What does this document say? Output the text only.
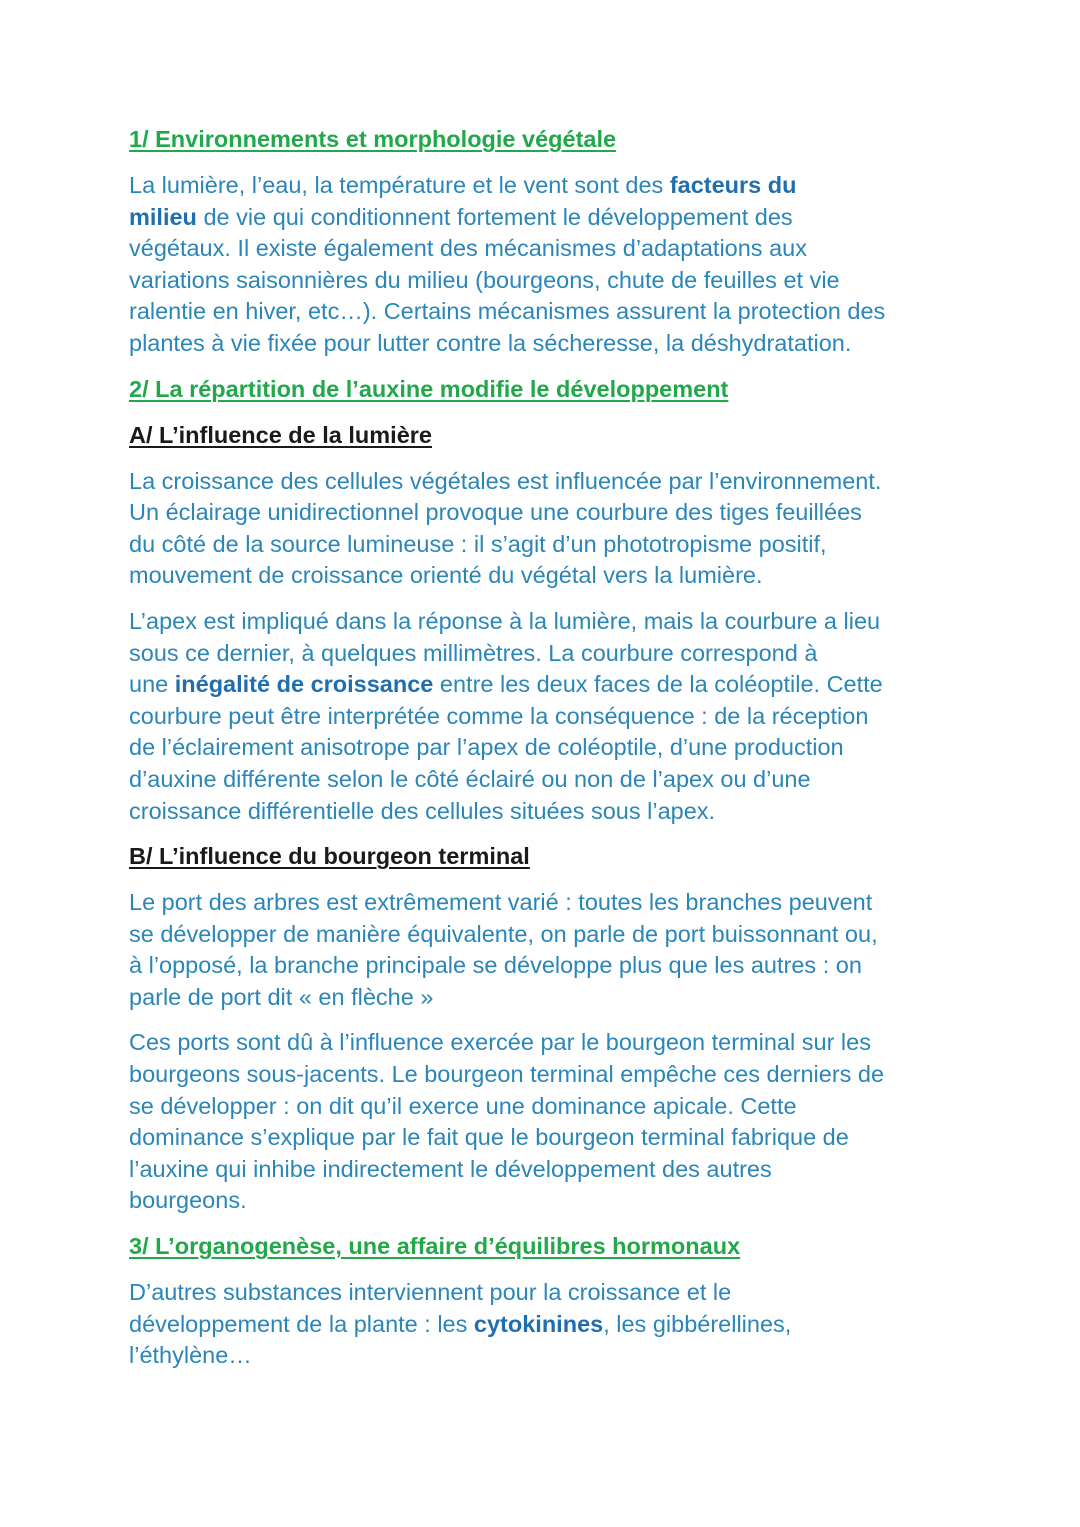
1/ Environnements et morphologie végétale

La lumière, l’eau, la température et le vent sont des facteurs du
milieu de vie qui conditionnent fortement le développement des
végétaux. Il existe également des mécanismes d’adaptations aux
variations saisonnières du milieu (bourgeons, chute de feuilles et vie
ralentie en hiver, etc…). Certains mécanismes assurent la protection des
plantes à vie fixée pour lutter contre la sécheresse, la déshydratation.

2/ La répartition de l’auxine modifie le développement
A/ L’influence de la lumière

La croissance des cellules végétales est influencée par l’environnement.
Un éclairage unidirectionnel provoque une courbure des tiges feuillées
du côté de la source lumineuse : il s’agit d’un phototropisme positif,
mouvement de croissance orienté du végétal vers la lumière.

L’apex est impliqué dans la réponse à la lumière, mais la courbure a lieu
sous ce dernier, à quelques millimètres. La courbure correspond à
une inégalité de croissance entre les deux faces de la coléoptile. Cette
courbure peut être interprétée comme la conséquence : de la réception
de l’éclairement anisotrope par l’apex de coléoptile, d’une production
d’auxine différente selon le côté éclairé ou non de l’apex ou d’une
croissance différentielle des cellules situées sous l’apex.

B/ L’influence du bourgeon terminal

Le port des arbres est extrêmement varié : toutes les branches peuvent
se développer de manière équivalente, on parle de port buissonnant ou,
à l’opposé, la branche principale se développe plus que les autres : on
parle de port dit « en flèche »

Ces ports sont dû à l’influence exercée par le bourgeon terminal sur les
bourgeons sous-jacents. Le bourgeon terminal empêche ces derniers de
se développer : on dit qu’il exerce une dominance apicale. Cette
dominance s’explique par le fait que le bourgeon terminal fabrique de
l’auxine qui inhibe indirectement le développement des autres
bourgeons.

3/ L’organogenèse, une affaire d’équilibres hormonaux

D’autres substances interviennent pour la croissance et le
développement de la plante : les cytokinines, les gibbérellines,
l’éthylène…
